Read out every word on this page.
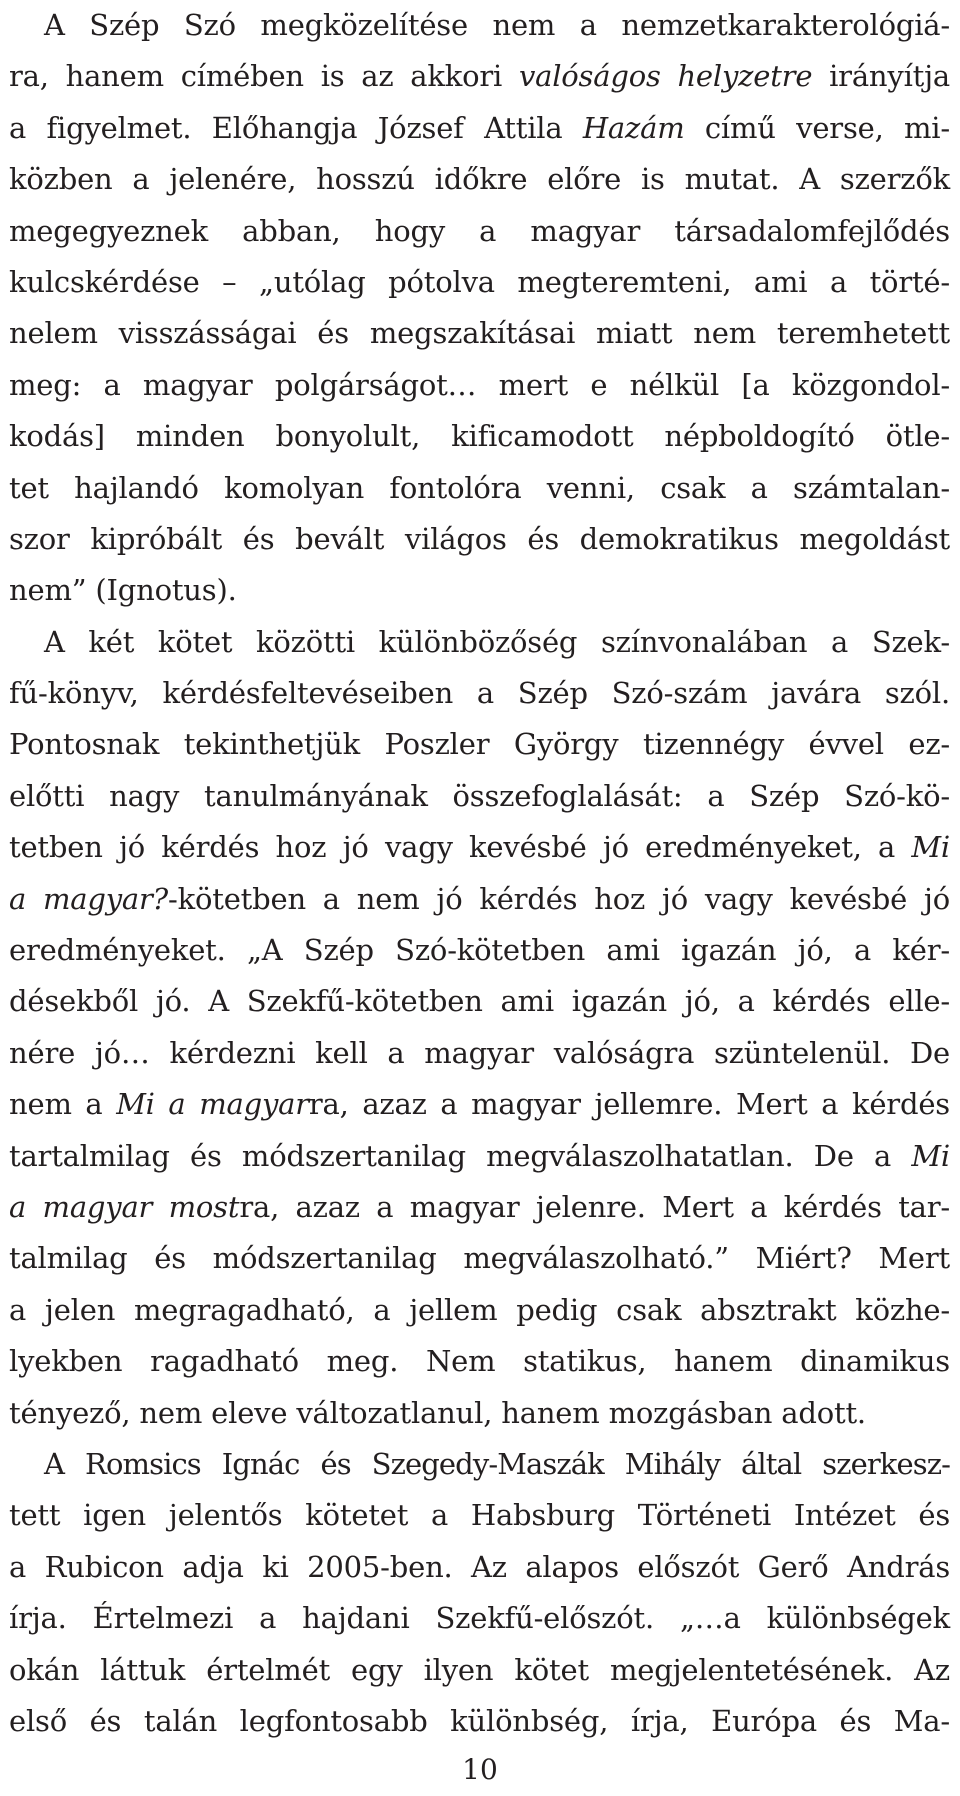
A Szép Szó megközelítése nem a nemzetkarakterológiá-
ra, hanem címében is az akkori valóságos helyzetre irányítja
a figyelmet. Előhangja József Attila Hazám című verse, mi-
közben a jelenére, hosszú időkre előre is mutat. A szerzők
megegyeznek abban, hogy a magyar társadalomfejlődés
kulcskérdése – „utólag pótolva megteremteni, ami a törté-
nelem visszásságai és megszakításai miatt nem teremhetett
meg: a magyar polgárságot… mert e nélkül [a közgondol-
kodás] minden bonyolult, kificamodott népboldogító ötle-
tet hajlandó komolyan fontolóra venni, csak a számtalan-
szor kipróbált és bevált világos és demokratikus megoldást
nem” (Ignotus).
A két kötet közötti különbözőség színvonalában a Szek-
fű-könyv, kérdésfeltevéseiben a Szép Szó-szám javára szól.
Pontosnak tekinthetjük Poszler György tizennégy évvel ez-
előtti nagy tanulmányának összefoglalását: a Szép Szó-kö-
tetben jó kérdés hoz jó vagy kevésbé jó eredményeket, a Mi
a magyar?-kötetben a nem jó kérdés hoz jó vagy kevésbé jó
eredményeket. „A Szép Szó-kötetben ami igazán jó, a kér-
désekből jó. A Szekfű-kötetben ami igazán jó, a kérdés elle-
nére jó… kérdezni kell a magyar valóságra szüntelenül. De
nem a Mi a magyarra, azaz a magyar jellemre. Mert a kérdés
tartalmilag és módszertanilag megválaszolhatatlan. De a Mi
a magyar mostra, azaz a magyar jelenre. Mert a kérdés tar-
talmilag és módszertanilag megválaszolható.” Miért? Mert
a jelen megragadható, a jellem pedig csak absztrakt közhe-
lyekben ragadható meg. Nem statikus, hanem dinamikus
tényező, nem eleve változatlanul, hanem mozgásban adott.
A Romsics Ignác és Szegedy-Maszák Mihály által szerkesz-
tett igen jelentős kötetet a Habsburg Történeti Intézet és
a Rubicon adja ki 2005-ben. Az alapos előszót Gerő András
írja. Értelmezi a hajdani Szekfű-előszót. „…a különbségek
okán láttuk értelmét egy ilyen kötet megjelentetésének. Az
első és talán legfontosabb különbség, írja, Európa és Ma-
10
